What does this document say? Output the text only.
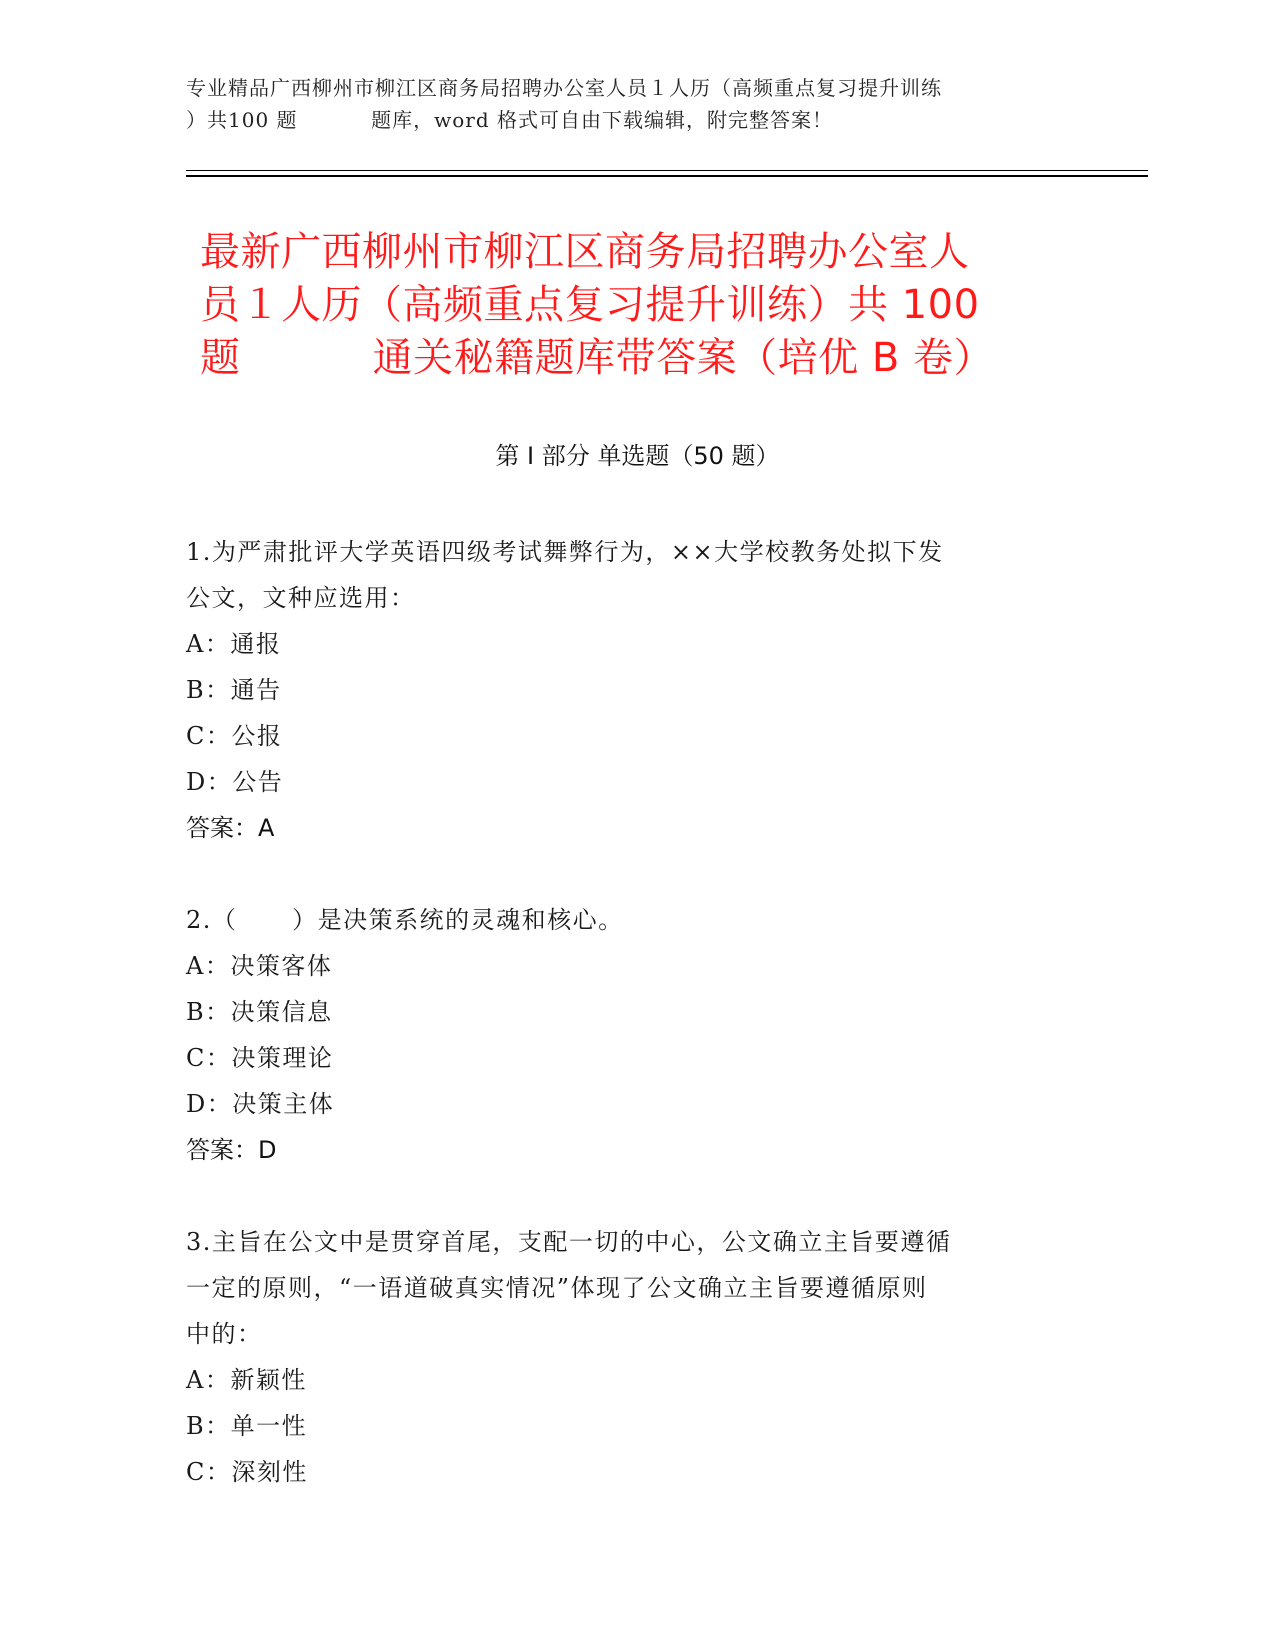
专业精品广西柳州市柳江区商务局招聘办公室人员１人历（高频重点复习提升训练
）共100 题          题库，word 格式可自由下载编辑，附完整答案！
最新广西柳州市柳江区商务局招聘办公室人
员１人历（高频重点复习提升训练）共 100
题          通关秘籍题库带答案（培优 B 卷）
第 I 部分 单选题（50 题）
1.为严肃批评大学英语四级考试舞弊行为，××大学校教务处拟下发
公文，文种应选用：
A：通报
B：通告
C：公报
D：公告
答案：A
2.（      ）是决策系统的灵魂和核心。
A：决策客体
B：决策信息
C：决策理论
D：决策主体
答案：D
3.主旨在公文中是贯穿首尾，支配一切的中心，公文确立主旨要遵循
一定的原则，“一语道破真实情况”体现了公文确立主旨要遵循原则
中的：
A：新颖性
B：单一性
C：深刻性
